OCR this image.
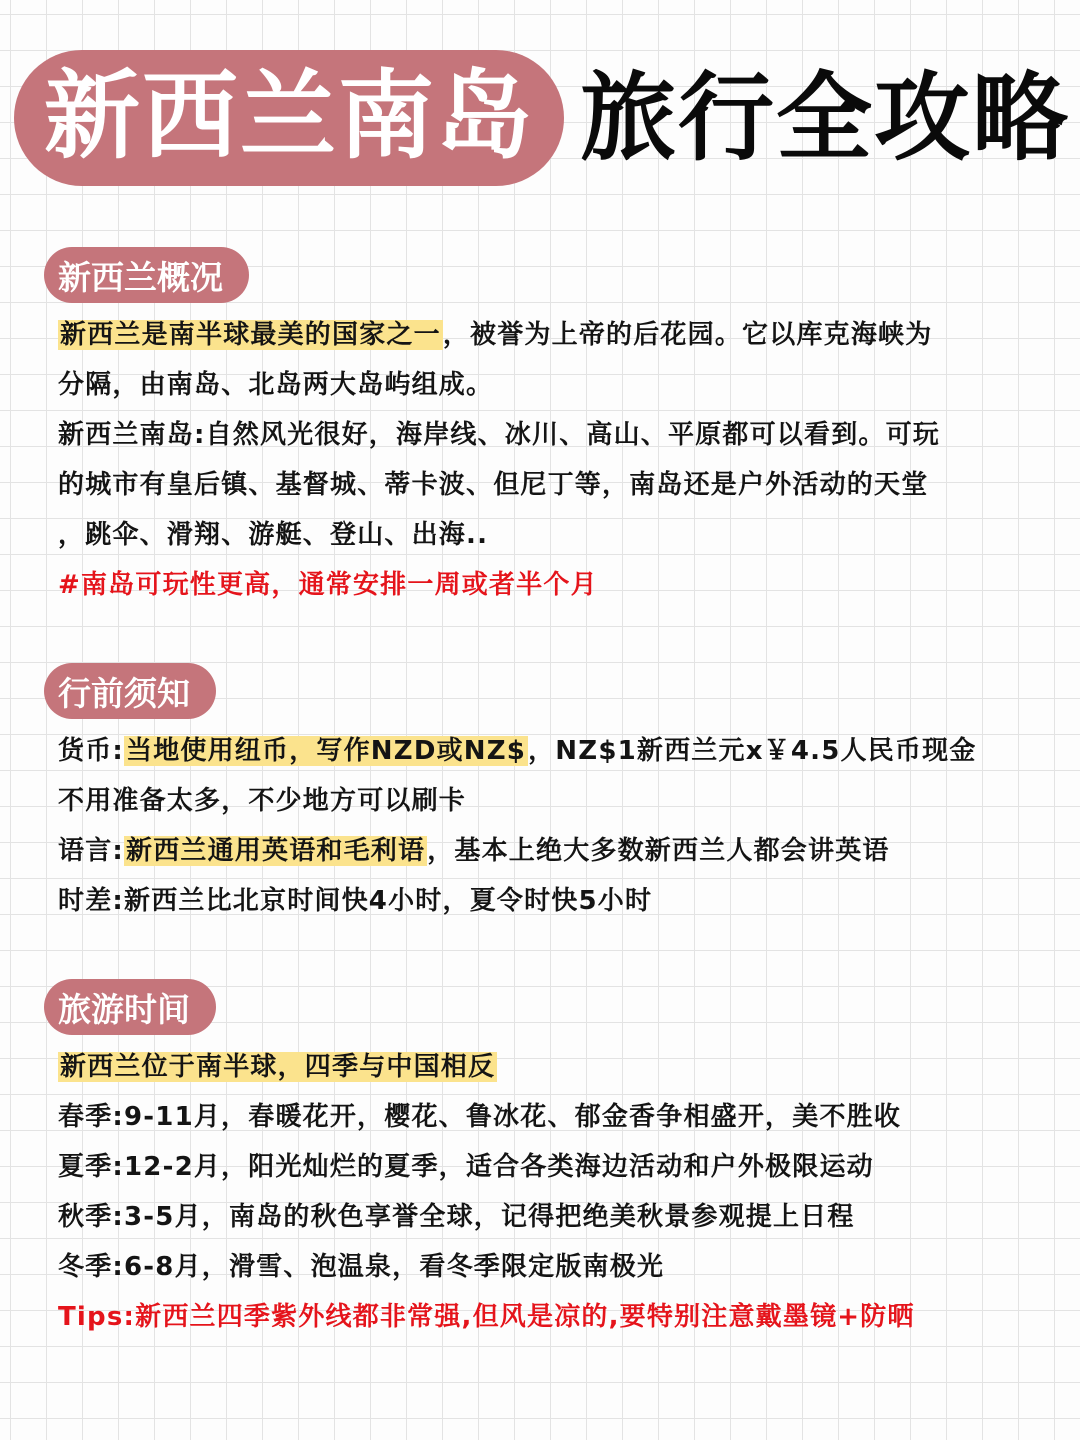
新西兰南岛 旅行全攻略
新西兰概况
新西兰是南半球最美的国家之一，被誉为上帝的后花园。它以库克海峡为
分隔，由南岛、北岛两大岛屿组成。
新西兰南岛:自然风光很好，海岸线、冰川、高山、平原都可以看到。可玩
的城市有皇后镇、基督城、蒂卡波、但尼丁等，南岛还是户外活动的天堂
，跳伞、滑翔、游艇、登山、出海..
#南岛可玩性更高，通常安排一周或者半个月
行前须知
货币:当地使用纽币，写作NZD或NZ$，NZ$1新西兰元x￥4.5人民币现金
不用准备太多，不少地方可以刷卡
语言:新西兰通用英语和毛利语，基本上绝大多数新西兰人都会讲英语
时差:新西兰比北京时间快4小时，夏令时快5小时
旅游时间
新西兰位于南半球，四季与中国相反
春季:9-11月，春暖花开，樱花、鲁冰花、郁金香争相盛开，美不胜收
夏季:12-2月，阳光灿烂的夏季，适合各类海边活动和户外极限运动
秋季:3-5月，南岛的秋色享誉全球，记得把绝美秋景参观提上日程
冬季:6-8月，滑雪、泡温泉，看冬季限定版南极光
Tips:新西兰四季紫外线都非常强,但风是凉的,要特别注意戴墨镜+防晒
